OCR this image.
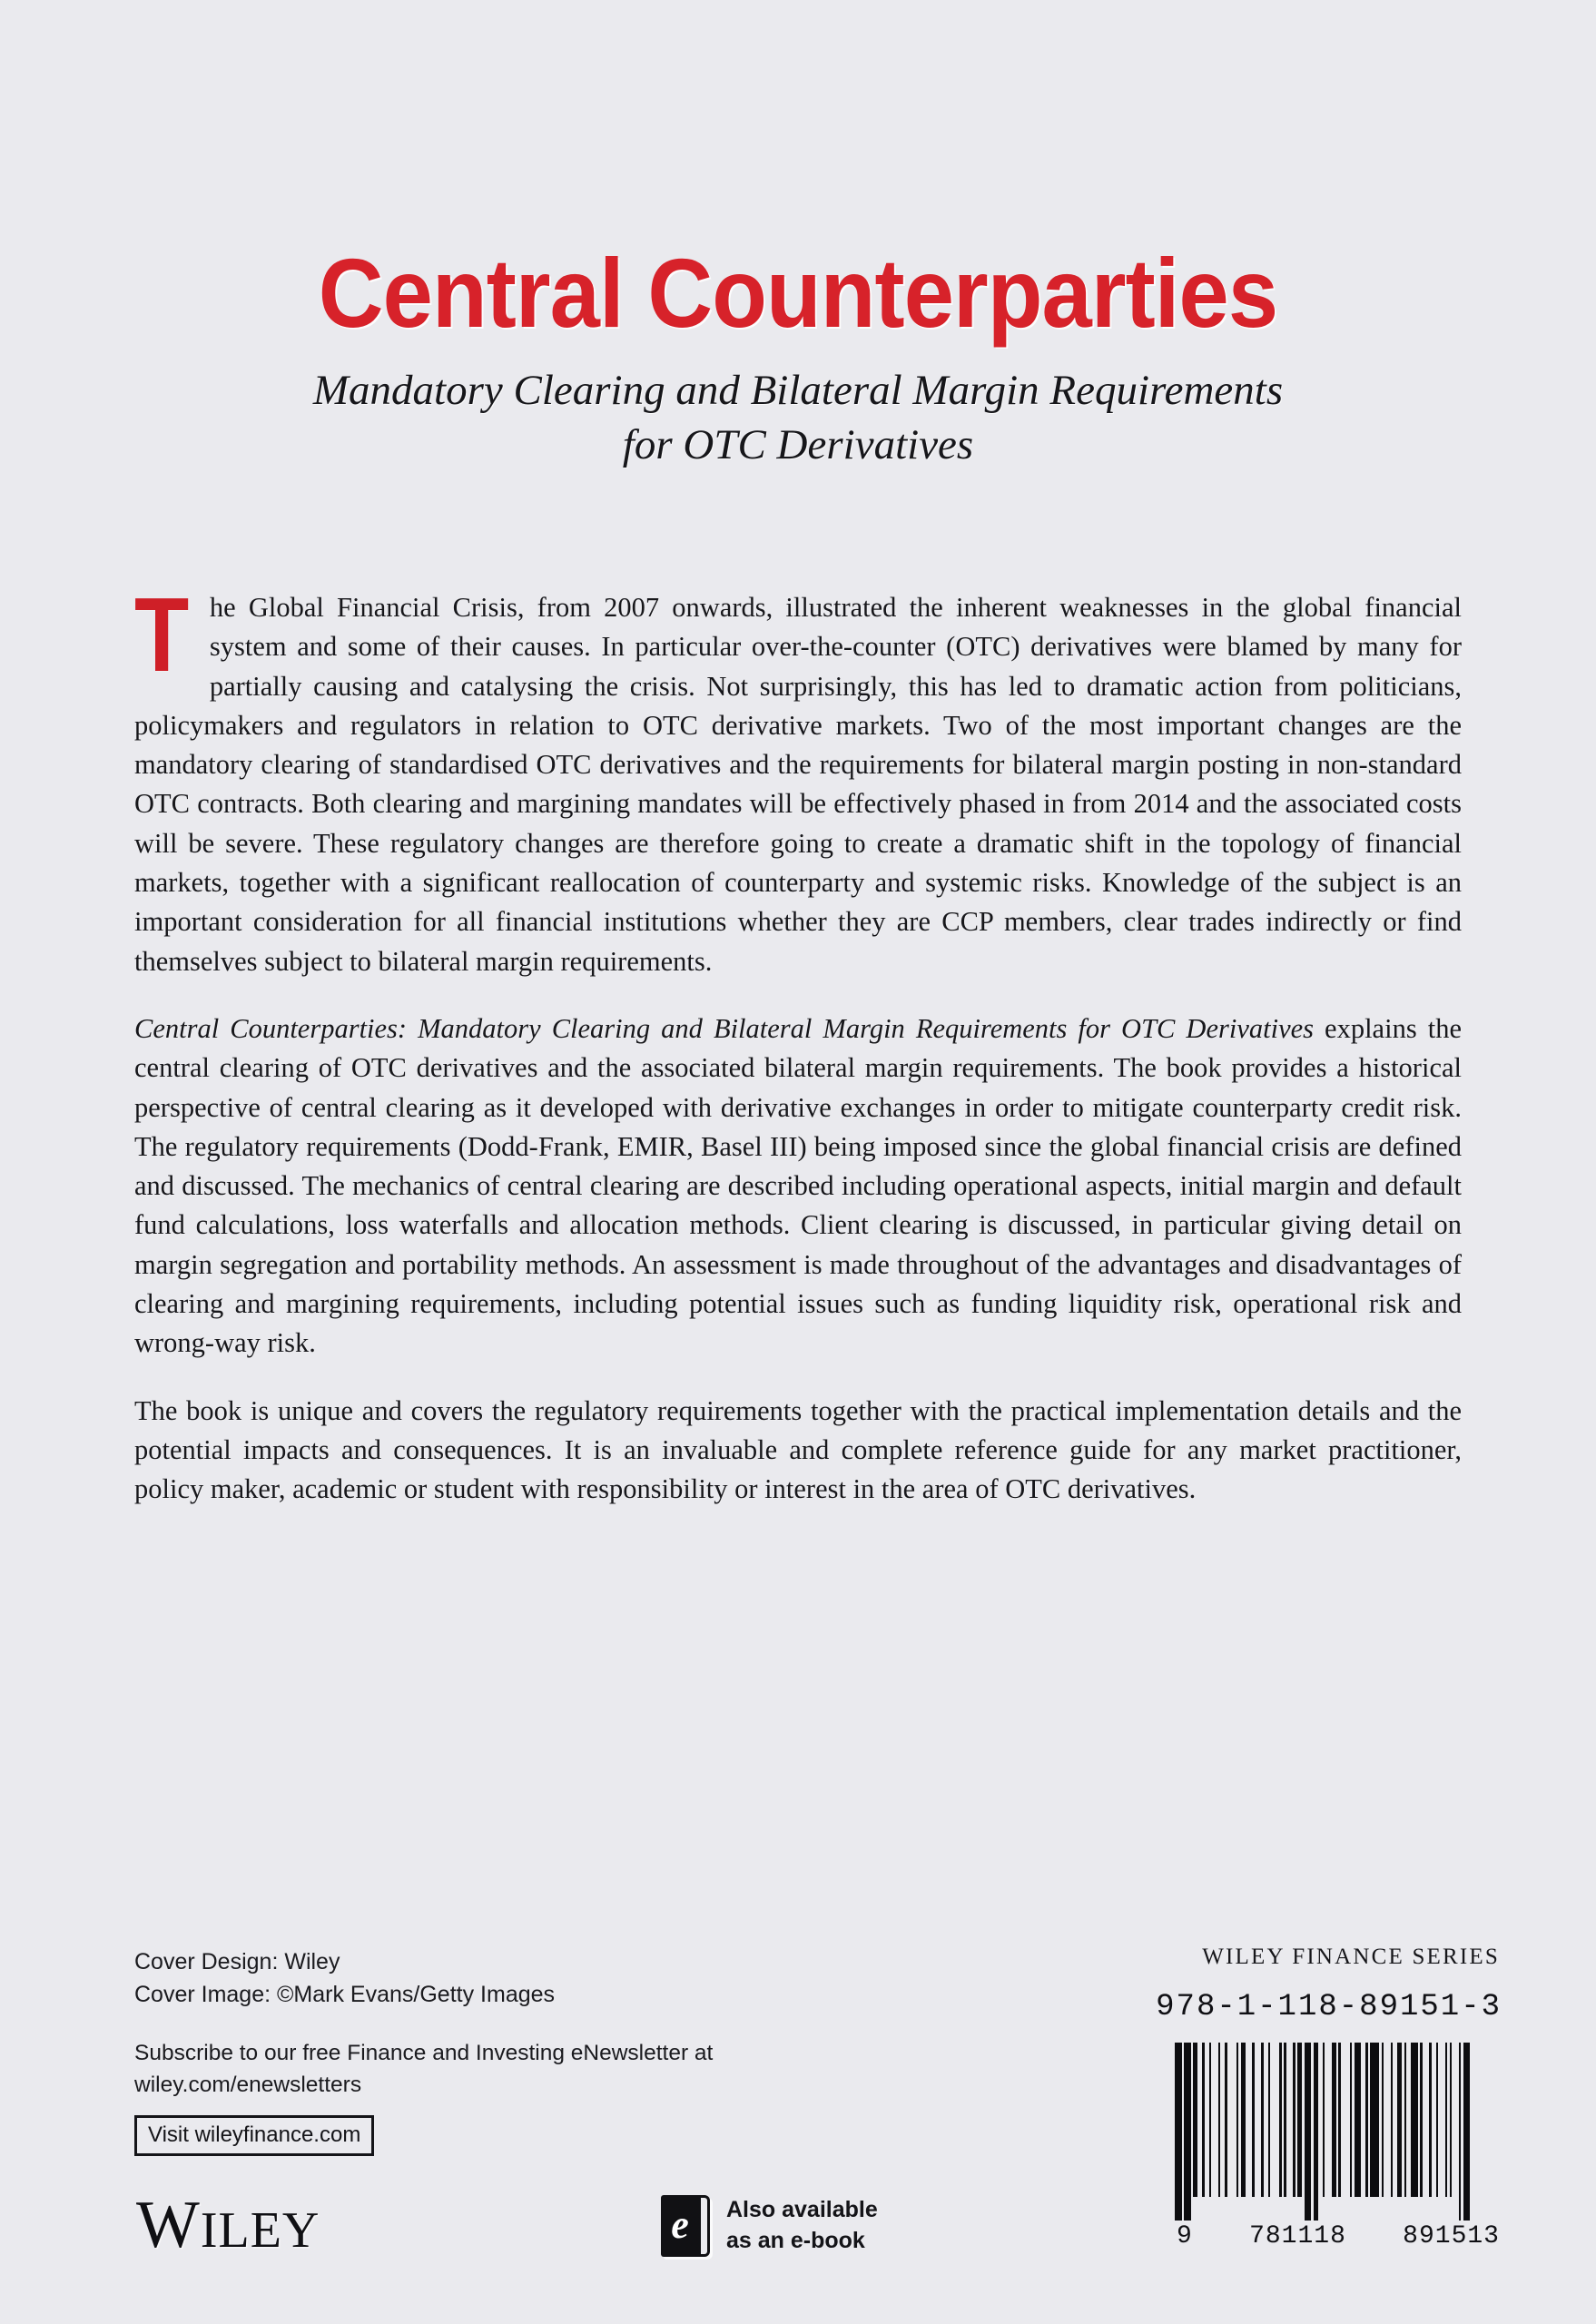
Central Counterparties
Mandatory Clearing and Bilateral Margin Requirements
for OTC Derivatives

The Global Financial Crisis, from 2007 onwards, illustrated the inherent weaknesses in the global financial system and some of their causes. In particular over-the-counter (OTC) derivatives were blamed by many for partially causing and catalysing the crisis. Not surprisingly, this has led to dramatic action from politicians, policymakers and regulators in relation to OTC derivative markets. Two of the most important changes are the mandatory clearing of standardised OTC derivatives and the requirements for bilateral margin posting in non-standard OTC contracts. Both clearing and margining mandates will be effectively phased in from 2014 and the associated costs will be severe. These regulatory changes are therefore going to create a dramatic shift in the topology of financial markets, together with a significant reallocation of counterparty and systemic risks. Knowledge of the subject is an important consideration for all financial institutions whether they are CCP members, clear trades indirectly or find themselves subject to bilateral margin requirements.

Central Counterparties: Mandatory Clearing and Bilateral Margin Requirements for OTC Derivatives explains the central clearing of OTC derivatives and the associated bilateral margin requirements. The book provides a historical perspective of central clearing as it developed with derivative exchanges in order to mitigate counterparty credit risk. The regulatory requirements (Dodd-Frank, EMIR, Basel III) being imposed since the global financial crisis are defined and discussed. The mechanics of central clearing are described including operational aspects, initial margin and default fund calculations, loss waterfalls and allocation methods. Client clearing is discussed, in particular giving detail on margin segregation and portability methods. An assessment is made throughout of the advantages and disadvantages of clearing and margining requirements, including potential issues such as funding liquidity risk, operational risk and wrong-way risk.

The book is unique and covers the regulatory requirements together with the practical implementation details and the potential impacts and consequences. It is an invaluable and complete reference guide for any market practitioner, policy maker, academic or student with responsibility or interest in the area of OTC derivatives.

Cover Design: Wiley
Cover Image: ©Mark Evans/Getty Images
Subscribe to our free Finance and Investing eNewsletter at
wiley.com/enewsletters
Visit wileyfinance.com
WILEY	e	Also available
as an e-book
WILEY FINANCE SERIES
978-1-118-89151-3
9 781118 891513
